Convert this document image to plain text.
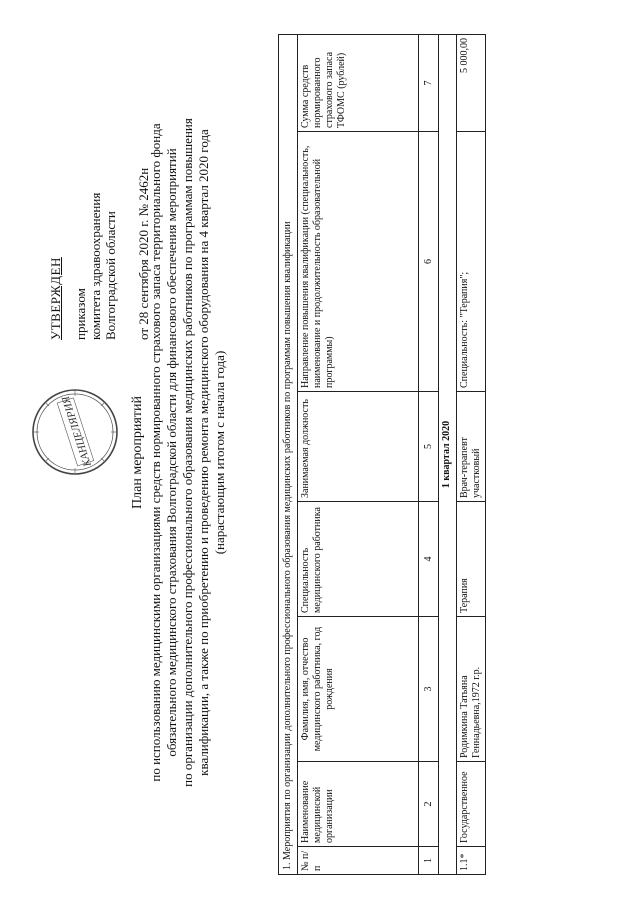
УТВЕРЖДЕН приказом комитета здравоохранения Волгоградской области от 28 сентября 2020 г. № 2462н
КАНЦЕЛЯРИЯ	План мероприятий по использованию медицинскими организациями средств нормированного страхового запаса территориального фонда обязательного медицинского страхования Волгоградской области для финансового обеспечения мероприятий по организации дополнительного профессионального образования медицинских работников по программам повышения квалификации, а также по приобретению и проведению ремонта медицинского оборудования на 4 квартал 2020 года (нарастающим итогом с начала года)	1. Мероприятия по организации дополнительного профессионального образования медицинских работников по программам повышения квалификации						
№ п/п	Наименование медицинской организации	Фамилия, имя, отчество медицинского работника, год рождения	Специальность медицинского работника	Занимаемая должность	Направление повышения квалификации (специальность, наименование и продолжительность образовательной программы)	Сумма средств нормированного страхового запаса ТФОМС (рублей)
1	2	3	4	5	6	7
1 квартал 2020						
1.1*	Государственное	Родимкина Татьяна Геннадьевна,1972 г.р.	Терапия	Врач-терапевт участковый	Специальность: "Терапия";	5 000,00
